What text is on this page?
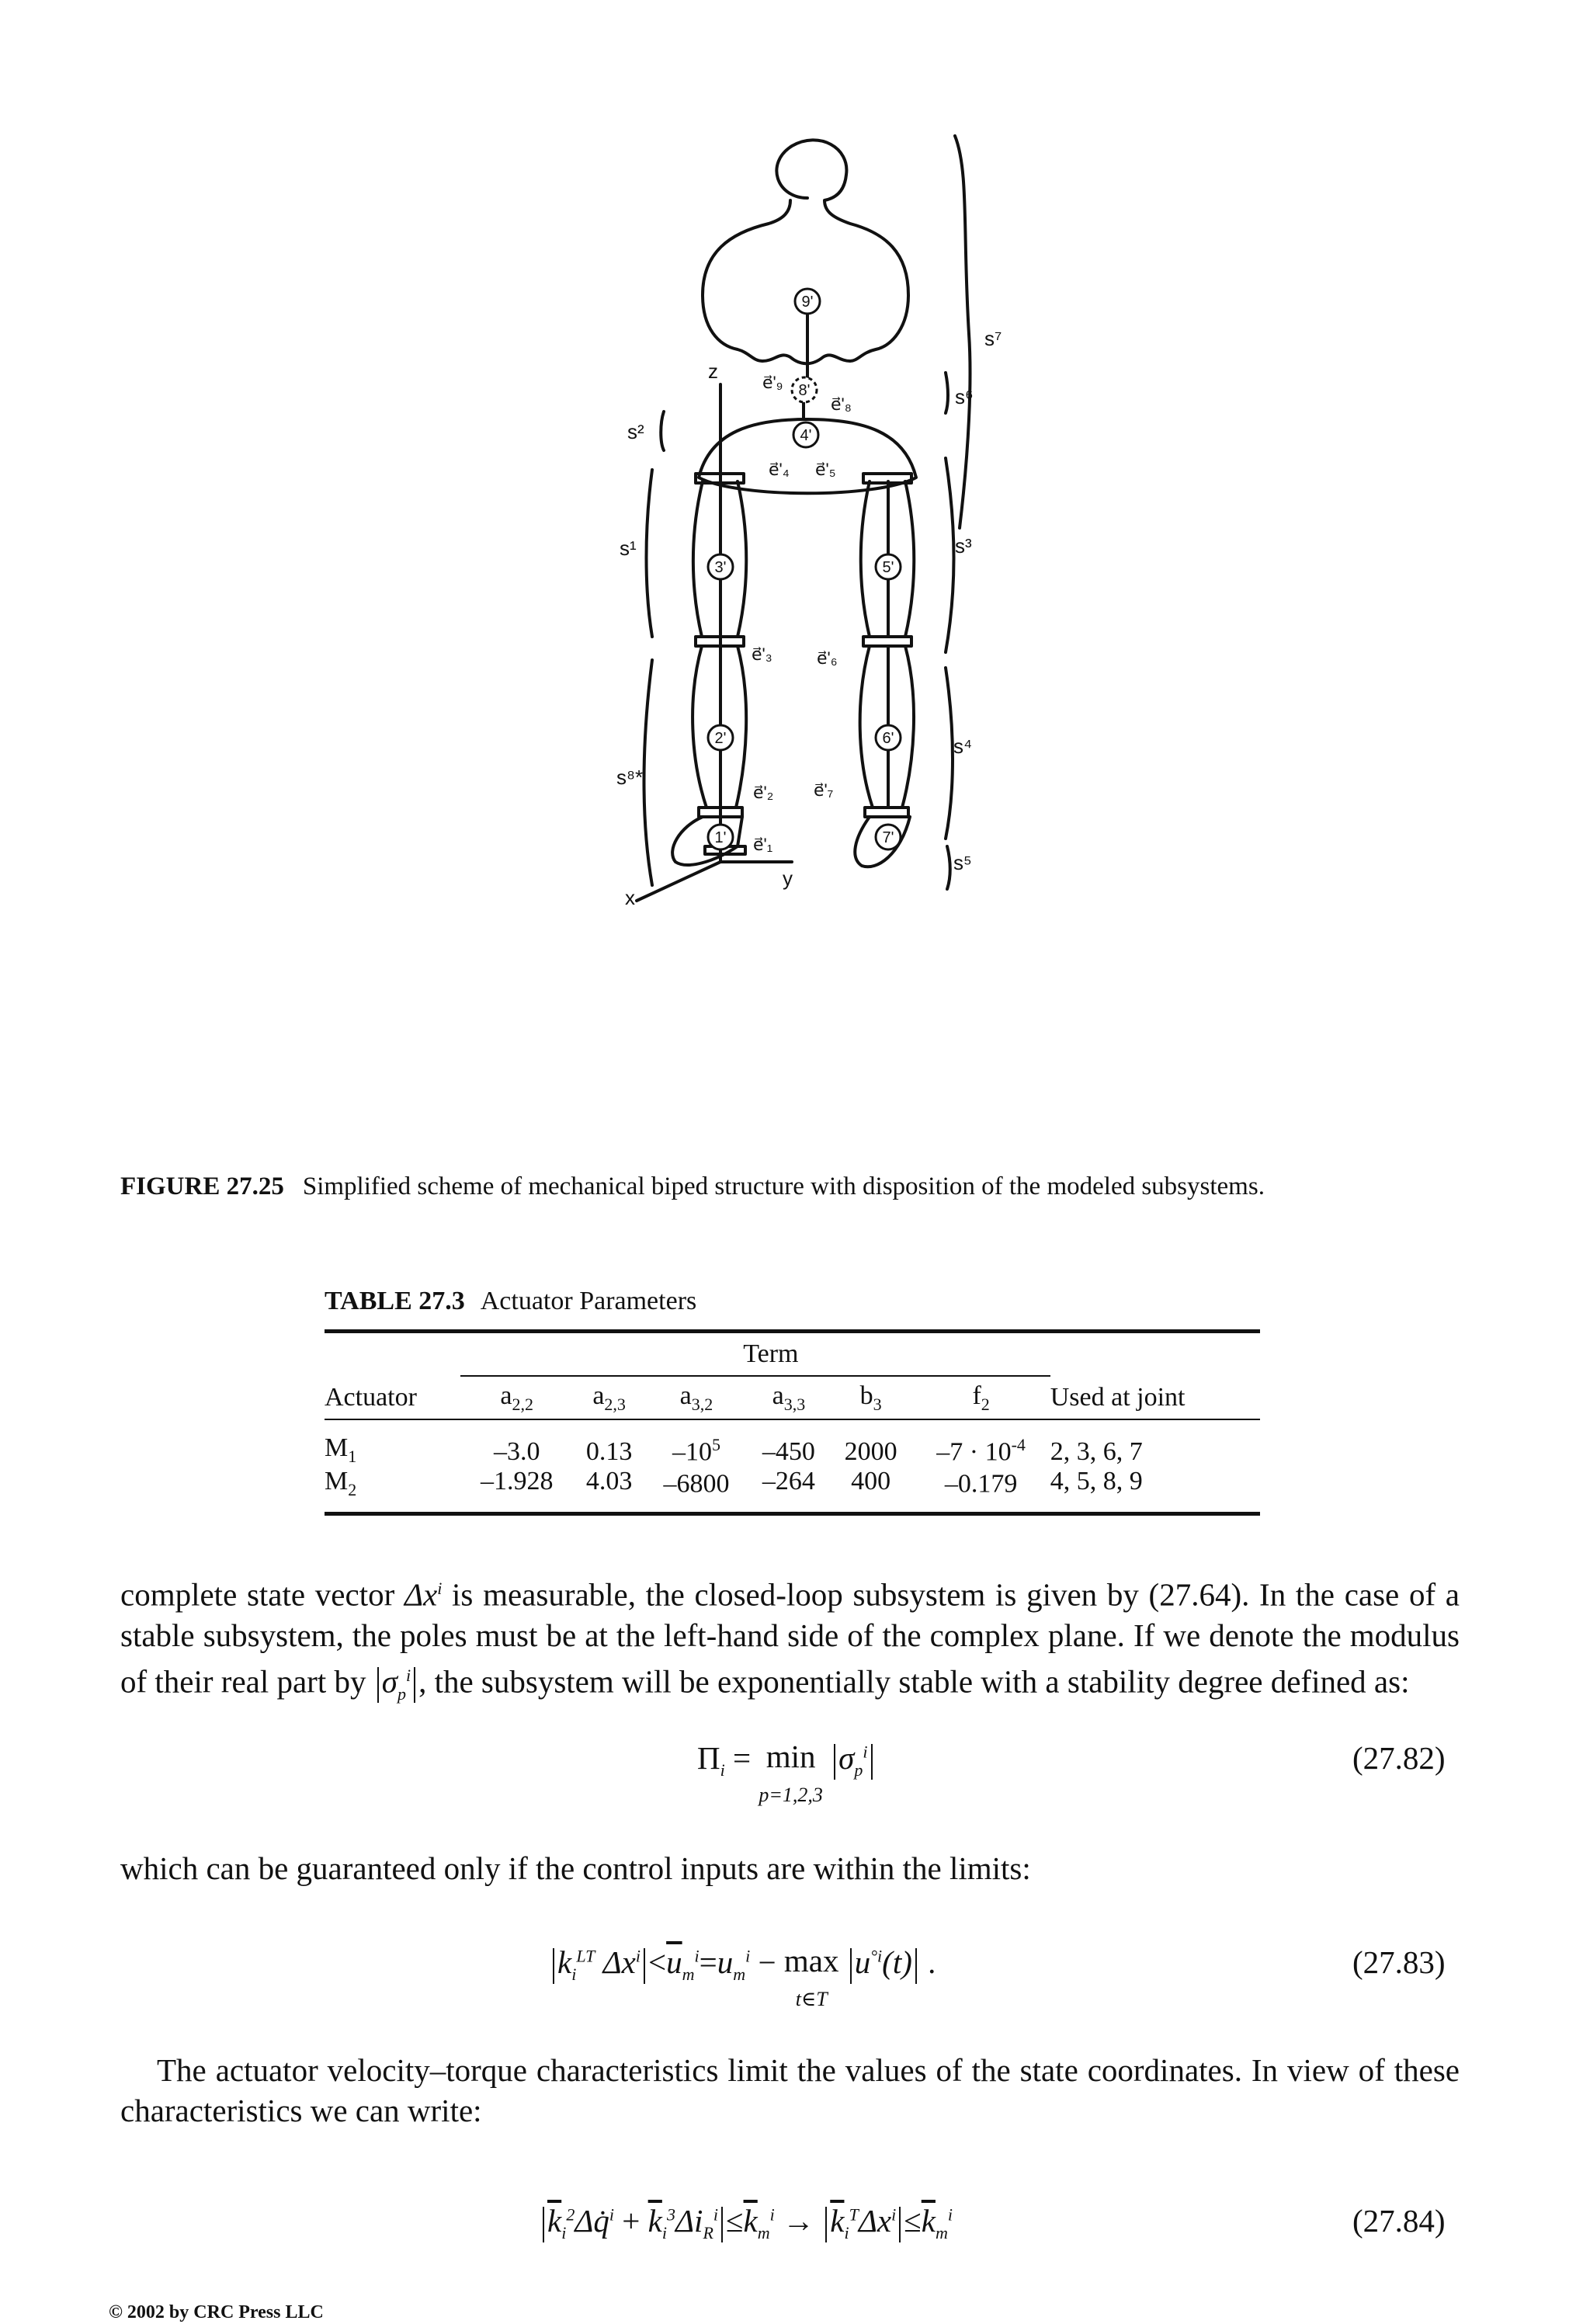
9'
8'
4'
3'	5'
2'	6'
1'	7'
s⁷
s⁶
s²
s¹	s³
s⁴
s⁸*
s⁵
z
y
x
e⃗'₉
e⃗'₈
e⃗'₄ e⃗'₅
e⃗'₃	e⃗'₆
e⃗'₂ e⃗'₇
e⃗'₁
FIGURE 27.25 Simplified scheme of mechanical biped structure with disposition of the modeled subsystems.
TABLE 27.3 Actuator Parameters
	Term						
Actuator	$a_{2,2}$	$a_{2,3}$	$a_{3,2}$	$a_{3,3}$	$b_3$	$f_2$	Used at joint
$M_1$	–3.0	0.13	$-10^5$	–450	2000	$-7 \cdot 10^{-4}$	2, 3, 6, 7
$M_2$	–1.928	4.03	–6800	–264	400	–0.179	4, 5, 8, 9
complete state vector $\Delta x^i$ is measurable, the closed-loop subsystem is given by (27.64). In the case of a stable subsystem, the poles must be at the left-hand side of the complex plane. If we denote the modulus of their real part by $\sigma_p^i$ , the subsystem will be exponentially stable with a stability degree defined as:
$\Pi_i = \min$
p=1,2,3 $\sigma_p^i$	(27.82)
which can be guaranteed only if the control inputs are within the limits:
$k_i^{LT}$ $\Delta x^i <\overline{u}_m^i=u_m^i - \max$
t∈T $u^{^\circ i}(t)$ .	(27.83)
The actuator velocity–torque characteristics limit the values of the state coordinates. In view of these characteristics we can write:
$\overline{k}_i^2\Delta q̇^i + \overline{k}_i^3\Delta i_R^i \le\overline{k}_m^i \to \overline{k}_i^T\Delta x^i \le\overline{k}_m^i$	(27.84)
© 2002 by CRC Press LLC
